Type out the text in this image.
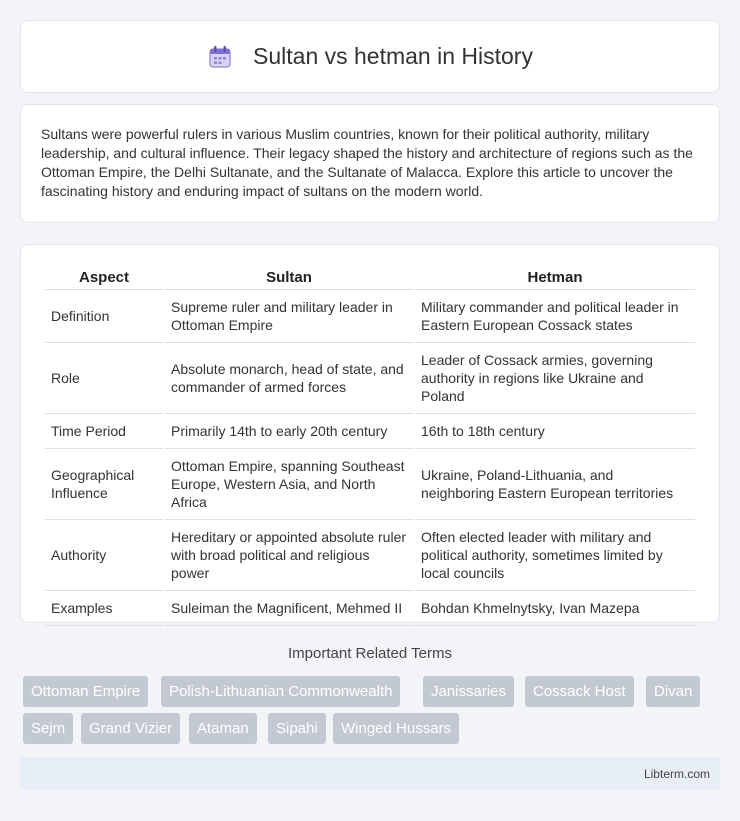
Sultan vs hetman in History

Sultans were powerful rulers in various Muslim countries, known for their political authority, military leadership, and cultural influence. Their legacy shaped the history and architecture of regions such as the Ottoman Empire, the Delhi Sultanate, and the Sultanate of Malacca. Explore this article to uncover the fascinating history and enduring impact of sultans on the modern world.

Aspect	Sultan	Hetman
Definition	Supreme ruler and military leader in Ottoman Empire	Military commander and political leader in Eastern European Cossack states
Role	Absolute monarch, head of state, and commander of armed forces	Leader of Cossack armies, governing authority in regions like Ukraine and Poland
Time Period	Primarily 14th to early 20th century	16th to 18th century
Geographical Influence	Ottoman Empire, spanning Southeast Europe, Western Asia, and North Africa	Ukraine, Poland-Lithuania, and neighboring Eastern European territories
Authority	Hereditary or appointed absolute ruler with broad political and religious power	Often elected leader with military and political authority, sometimes limited by local councils
Examples	Suleiman the Magnificent, Mehmed II	Bohdan Khmelnytsky, Ivan Mazepa
Important Related Terms
Ottoman Empire	Polish-Lithuanian Commonwealth	Janissaries	Cossack Host	Divan
Sejm	Grand Vizier	Ataman	Sipahi	Winged Hussars
Libterm.com
